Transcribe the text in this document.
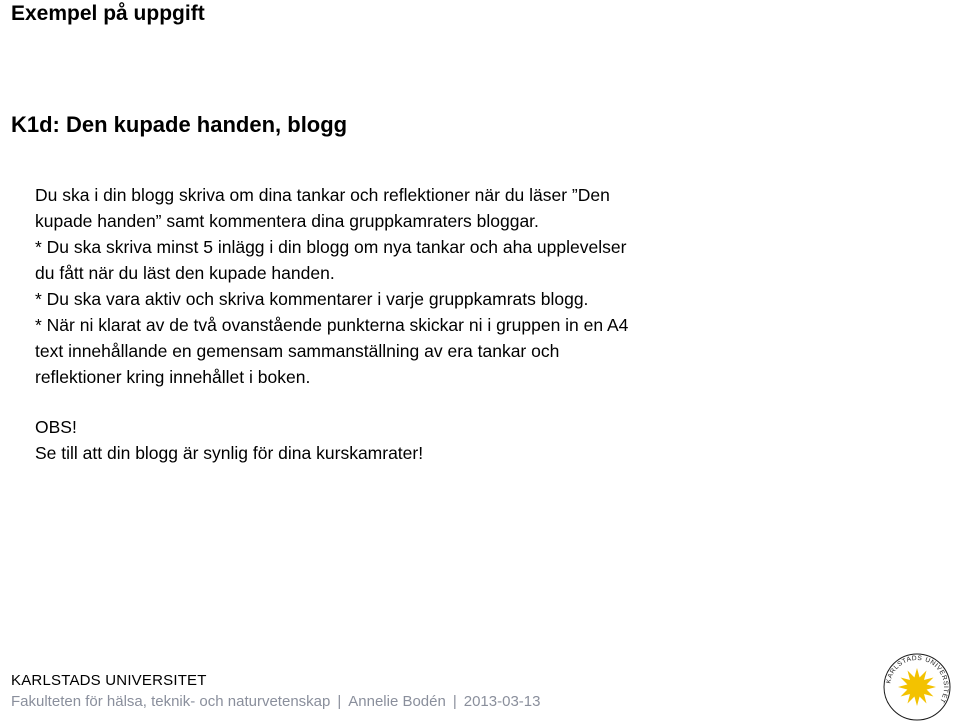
Exempel på uppgift
K1d: Den kupade handen, blogg

Du ska i din blogg skriva om dina tankar och reflektioner när du läser ”Den

kupade handen” samt kommentera dina gruppkamraters bloggar.

* Du ska skriva minst 5 inlägg i din blogg om nya tankar och aha upplevelser

du fått när du läst den kupade handen.

* Du ska vara aktiv och skriva kommentarer i varje gruppkamrats blogg.

* När ni klarat av de två ovanstående punkterna skickar ni i gruppen in en A4

text innehållande en gemensam sammanställning av era tankar och

reflektioner kring innehållet i boken.

OBS!

Se till att din blogg är synlig för dina kurskamrater!

KARLSTADS UNIVERSITET
Fakulteten för hälsa, teknik- och naturvetenskap | Annelie Bodén | 2013-03-13
KARLSTADS UNIVERSITET
